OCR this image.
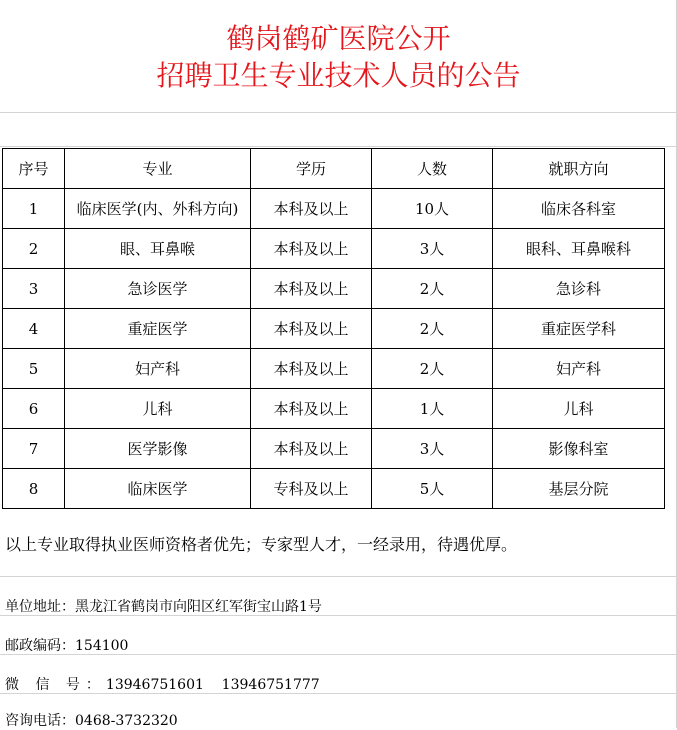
鹤岗鹤矿医院公开
招聘卫生专业技术人员的公告
序号	专业	学历	人数	就职方向
1	临床医学(内、外科方向)	本科及以上	10人	临床各科室
2	眼、耳鼻喉	本科及以上	3人	眼科、耳鼻喉科
3	急诊医学	本科及以上	2人	急诊科
4	重症医学	本科及以上	2人	重症医学科
5	妇产科	本科及以上	2人	妇产科
6	儿科	本科及以上	1人	儿科
7	医学影像	本科及以上	3人	影像科室
8	临床医学	专科及以上	5人	基层分院
以上专业取得执业医师资格者优先；专家型人才，一经录用，待遇优厚。
单位地址：黑龙江省鹤岗市向阳区红军街宝山路1号
邮政编码：154100
微 信 号：13946751601    13946751777
咨询电话：0468-3732320
